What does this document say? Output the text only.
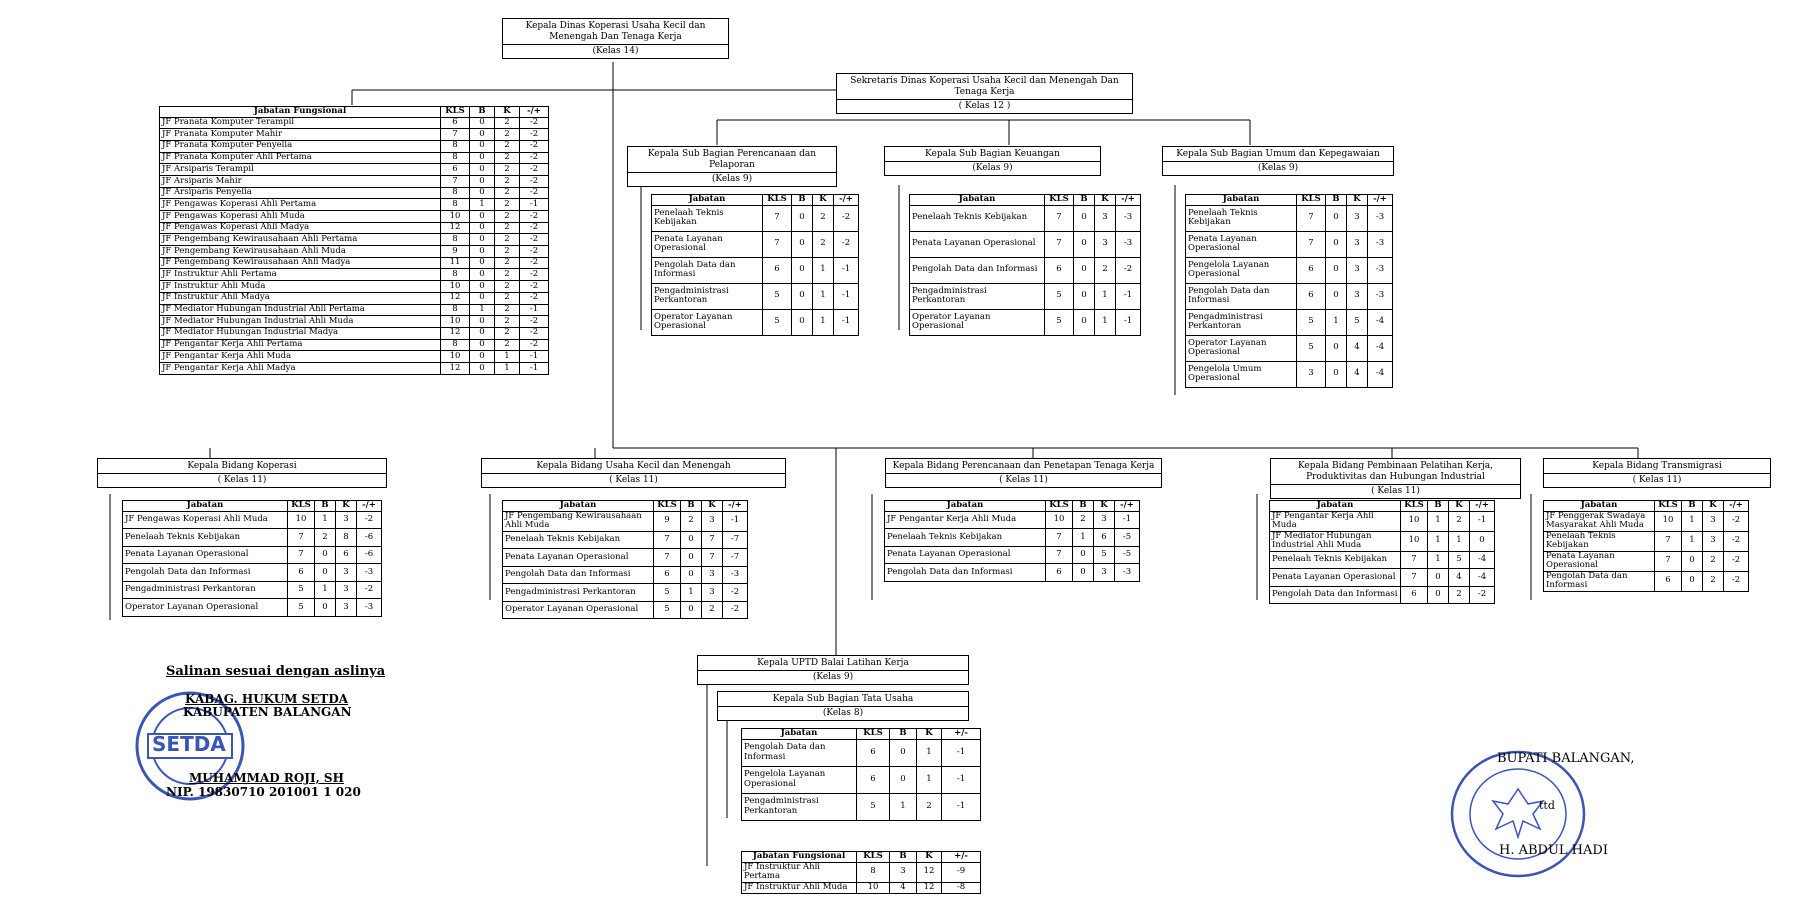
Kepala Dinas Koperasi Usaha Kecil dan Menengah Dan Tenaga Kerja
(Kelas 14)
Sekretaris Dinas Koperasi Usaha Kecil dan Menengah Dan Tenaga Kerja
( Kelas 12 )
Jabatan Fungsional	KLS	B	K	-/+
JF Pranata Komputer Terampil	6	0	2	-2
JF Pranata Komputer Mahir	7	0	2	-2
JF Pranata Komputer Penyelia	8	0	2	-2
JF Pranata Komputer Ahli Pertama	8	0	2	-2
JF Arsiparis Terampil	6	0	2	-2
JF Arsiparis Mahir	7	0	2	-2
JF Arsiparis Penyelia	8	0	2	-2
JF Pengawas Koperasi Ahli Pertama	8	1	2	-1
JF Pengawas Koperasi Ahli Muda	10	0	2	-2
JF Pengawas Koperasi Ahli Madya	12	0	2	-2
JF Pengembang Kewirausahaan Ahli Pertama	8	0	2	-2
JF Pengembang Kewirausahaan Ahli Muda	9	0	2	-2
JF Pengembang Kewirausahaan Ahli Madya	11	0	2	-2
JF Instruktur Ahli Pertama	8	0	2	-2
JF Instruktur Ahli Muda	10	0	2	-2
JF Instruktur Ahli Madya	12	0	2	-2
JF Mediator Hubungan Industrial Ahli Pertama	8	1	2	-1
JF Mediator Hubungan Industrial Ahli Muda	10	0	2	-2
JF Mediator Hubungan Industrial Madya	12	0	2	-2
JF Pengantar Kerja Ahli Pertama	8	0	2	-2
JF Pengantar Kerja Ahli Muda	10	0	1	-1
JF Pengantar Kerja Ahli Madya	12	0	1	-1
Kepala Sub Bagian Perencanaan dan Pelaporan
(Kelas 9)
Jabatan	KLS	B	K	-/+
Penelaah Teknis Kebijakan	7	0	2	-2
Penata Layanan Operasional	7	0	2	-2
Pengolah Data dan Informasi	6	0	1	-1
Pengadministrasi Perkantoran	5	0	1	-1
Operator Layanan Operasional	5	0	1	-1
Kepala Sub Bagian Keuangan
(Kelas 9)
Jabatan	KLS	B	K	-/+
Penelaah Teknis Kebijakan	7	0	3	-3
Penata Layanan Operasional	7	0	3	-3
Pengolah Data dan Informasi	6	0	2	-2
Pengadministrasi Perkantoran	5	0	1	-1
Operator Layanan Operasional	5	0	1	-1
Kepala Sub Bagian Umum dan Kepegawaian
(Kelas 9)
Jabatan	KLS	B	K	-/+
Penelaah Teknis Kebijakan	7	0	3	-3
Penata Layanan Operasional	7	0	3	-3
Pengelola Layanan Operasional	6	0	3	-3
Pengolah Data dan Informasi	6	0	3	-3
Pengadministrasi Perkantoran	5	1	5	-4
Operator Layanan Operasional	5	0	4	-4
Pengelola Umum Operasional	3	0	4	-4
Kepala Bidang Koperasi
( Kelas 11)
Jabatan	KLS	B	K	-/+
JF Pengawas Koperasi Ahli Muda	10	1	3	-2
Penelaah Teknis Kebijakan	7	2	8	-6
Penata Layanan Operasional	7	0	6	-6
Pengolah Data dan Informasi	6	0	3	-3
Pengadministrasi Perkantoran	5	1	3	-2
Operator Layanan Operasional	5	0	3	-3
Kepala Bidang Usaha Kecil dan Menengah
( Kelas 11)
Jabatan	KLS	B	K	-/+
JF Pengembang Kewirausahaan Ahli Muda	9	2	3	-1
Penelaah Teknis Kebijakan	7	0	7	-7
Penata Layanan Operasional	7	0	7	-7
Pengolah Data dan Informasi	6	0	3	-3
Pengadministrasi Perkantoran	5	1	3	-2
Operator Layanan Operasional	5	0	2	-2
Kepala Bidang Perencanaan dan Penetapan Tenaga Kerja
( Kelas 11)
Jabatan	KLS	B	K	-/+
JF Pengantar Kerja Ahli Muda	10	2	3	-1
Penelaah Teknis Kebijakan	7	1	6	-5
Penata Layanan Operasional	7	0	5	-5
Pengolah Data dan Informasi	6	0	3	-3
Kepala Bidang Pembinaan Pelatihan Kerja, Produktivitas dan Hubungan Industrial
( Kelas 11)
Jabatan	KLS	B	K	-/+
JF Pengantar Kerja Ahli Muda	10	1	2	-1
JF Mediator Hubungan Industrial Ahli Muda	10	1	1	0
Penelaah Teknis Kebijakan	7	1	5	-4
Penata Layanan Operasional	7	0	4	-4
Pengolah Data dan Informasi	6	0	2	-2
Kepala Bidang Transmigrasi
( Kelas 11)
Jabatan	KLS	B	K	-/+
JF Penggerak Swadaya Masyarakat Ahli Muda	10	1	3	-2
Penelaah Teknis Kebijakan	7	1	3	-2
Penata Layanan Operasional	7	0	2	-2
Pengolah Data dan Informasi	6	0	2	-2
Kepala UPTD Balai Latihan Kerja
(Kelas 9)
Kepala Sub Bagian Tata Usaha
(Kelas 8)
Jabatan	KLS	B	K	+/-
Pengolah Data dan Informasi	6	0	1	-1
Pengelola Layanan Operasional	6	0	1	-1
Pengadministrasi Perkantoran	5	1	2	-1
Jabatan Fungsional	KLS	B	K	+/-
JF Instruktur Ahli Pertama	8	3	12	-9
JF Instruktur Ahli Muda	10	4	12	-8
SETDA
Salinan sesuai dengan aslinya
KABAG. HUKUM SETDA
KABUPATEN BALANGAN
MUHAMMAD ROJI, SH
NIP. 19830710 201001 1 020
BUPATI BALANGAN,
ttd
H. ABDUL HADI
